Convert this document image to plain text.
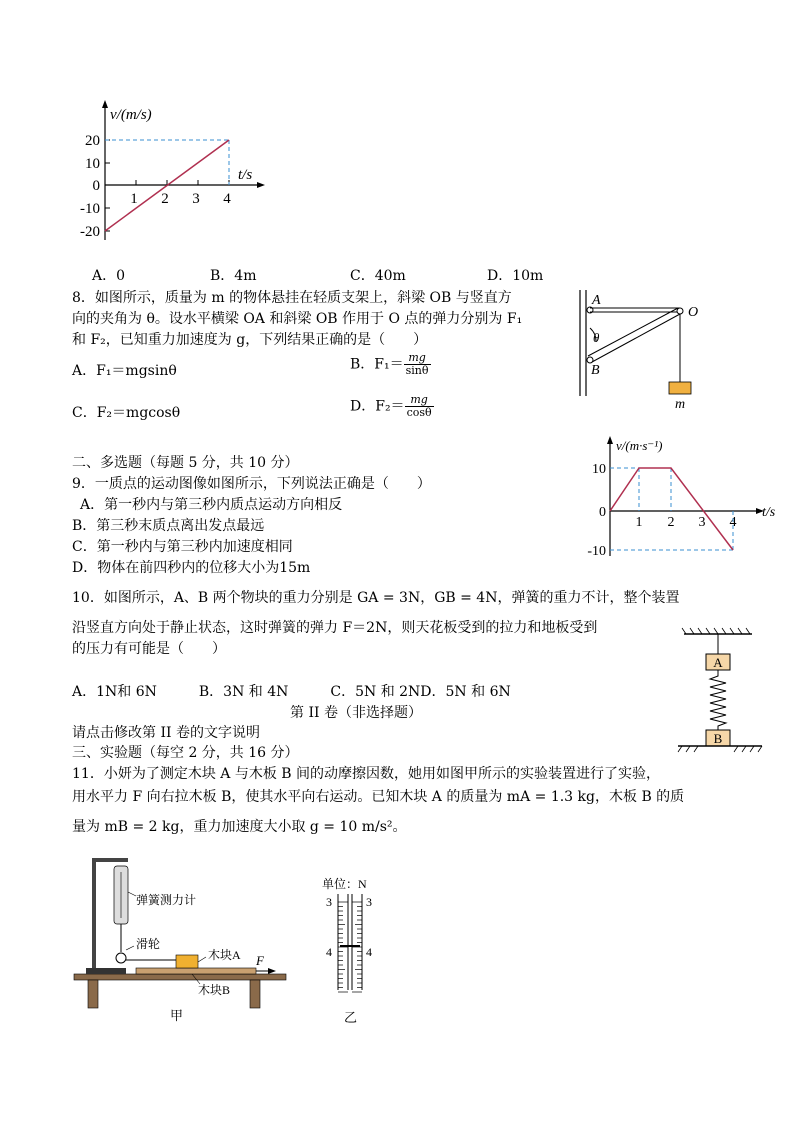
v/(m/s)
t/s
20
10
0
-10
-20
1 2 3 4
A．0	B．4m	C．40m	D．10m
8．如图所示，质量为 m 的物体悬挂在轻质支架上，斜梁 OB 与竖直方
向的夹角为 θ。设水平横梁 OA 和斜梁 OB 作用于 O 点的弹力分别为 F₁
和 F₂，已知重力加速度为 g，下列结果正确的是（　　）
A．F₁＝mgsinθ	B．$F_1= \frac{mg}{\sin\theta}$
C．F₂＝mgcosθ	D．$F_2= \frac{mg}{\cos\theta}$
A
O
B
θ
m
二、多选题（每题 5 分，共 10 分）
9．一质点的运动图像如图所示，下列说法正确是（　　）
A．第一秒内与第三秒内质点运动方向相反
B．第三秒末质点离出发点最远
C．第一秒内与第三秒内加速度相同
D．物体在前四秒内的位移大小为15m
v/(m·s⁻¹)
t/s
10
0
-10
1 2 3 4
10．如图所示，A、B 两个物块的重力分别是 GA = 3N，GB = 4N，弹簧的重力不计，整个装置
沿竖直方向处于静止状态，这时弹簧的弹力 F＝2N，则天花板受到的拉力和地板受到
的压力有可能是（　　）
A．1N和 6N　　　B．3N 和 4N　　　C．5N 和 2ND．5N 和 6N
A
B
第 II 卷（非选择题）
请点击修改第 II 卷的文字说明
三、实验题（每空 2 分，共 16 分）
11．小妍为了测定木块 A 与木板 B 间的动摩擦因数，她用如图甲所示的实验装置进行了实验，
用水平力 F 向右拉木板 B，使其水平向右运动。已知木块 A 的质量为 mA = 1.3 kg，木板 B 的质
量为 mB = 2 kg，重力加速度大小取 g = 10 m/s²。
弹簧测力计
滑轮
木块A
木块B
F
甲
单位：N
3	3
4	4
乙
